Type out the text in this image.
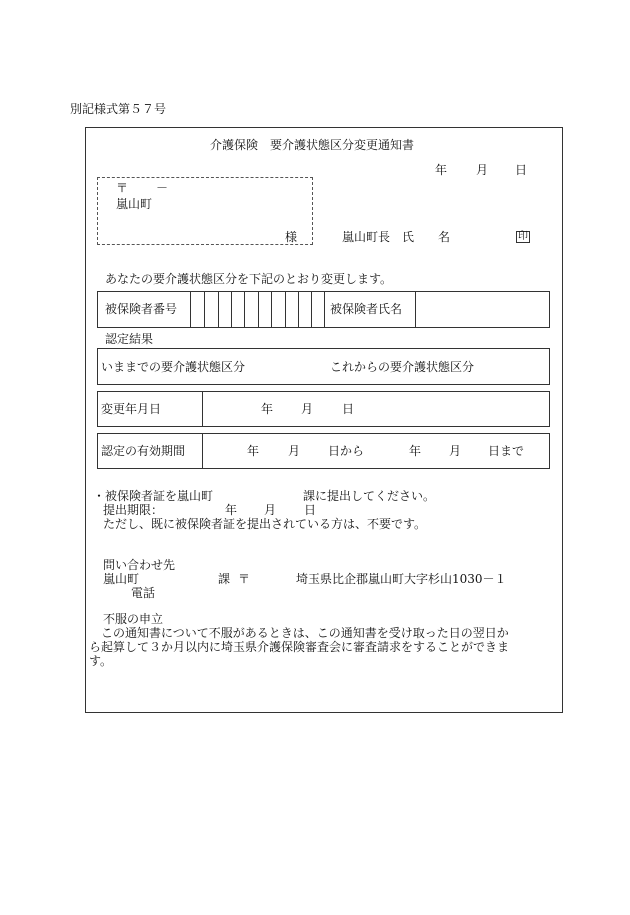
別記様式第５７号
介護保険　要介護状態区分変更通知書
年 月 日
〒 －
嵐山町
様	嵐山町長　氏　　名	印
あなたの要介護状態区分を下記のとおり変更します。
被保険者番号	被保険者氏名
認定結果
いままでの要介護状態区分	これからの要介護状態区分
変更年月日	年 月 日
認定の有効期間	年 月 日から	年 月 日まで
・被保険者証を嵐山町	課に提出してください。
提出期限：	年 月 日
ただし、既に被保険者証を提出されている方は、不要です。
問い合わせ先
嵐山町	課 〒	埼玉県比企郡嵐山町大字杉山1030－１
電話
不服の申立
　この通知書について不服があるときは、この通知書を受け取った日の翌日か
ら起算して３か月以内に埼玉県介護保険審査会に審査請求をすることができま
す。
